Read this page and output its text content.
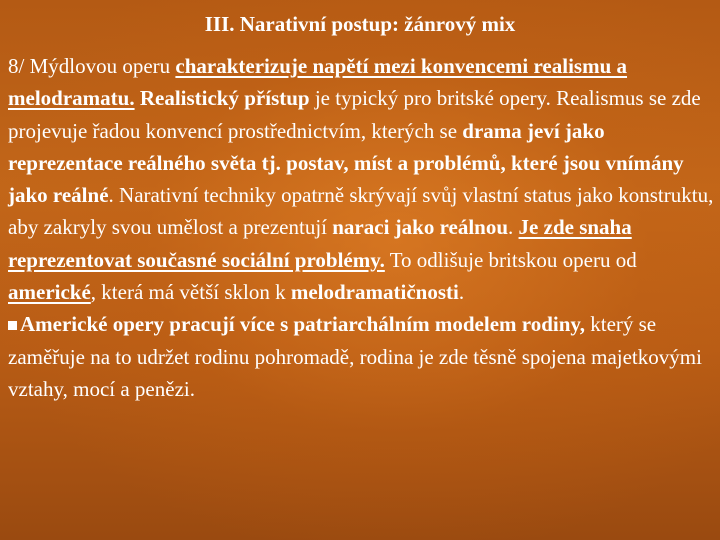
III. Narativní postup: žánrový mix
8/ Mýdlovou operu charakterizuje napětí mezi konvencemi realismu a melodramatu. Realistický přístup je typický pro britské opery. Realismus se zde projevuje řadou konvencí prostřednictvím, kterých se drama jeví jako reprezentace reálného světa tj. postav, míst a problémů, které jsou vnímány jako reálné. Narativní techniky opatrně skrývají svůj vlastní status jako konstruktu, aby zakryly svou umělost a prezentují naraci jako reálnou. Je zde snaha reprezentovat současné sociální problémy. To odlišuje britskou operu od americké, která má větší sklon k melodramatičnosti.
Americké opery pracují více s patriarchálním modelem rodiny, který se zaměřuje na to udržet rodinu pohromadě, rodina je zde těsně spojena majetkovými vztahy, mocí a penězi.
